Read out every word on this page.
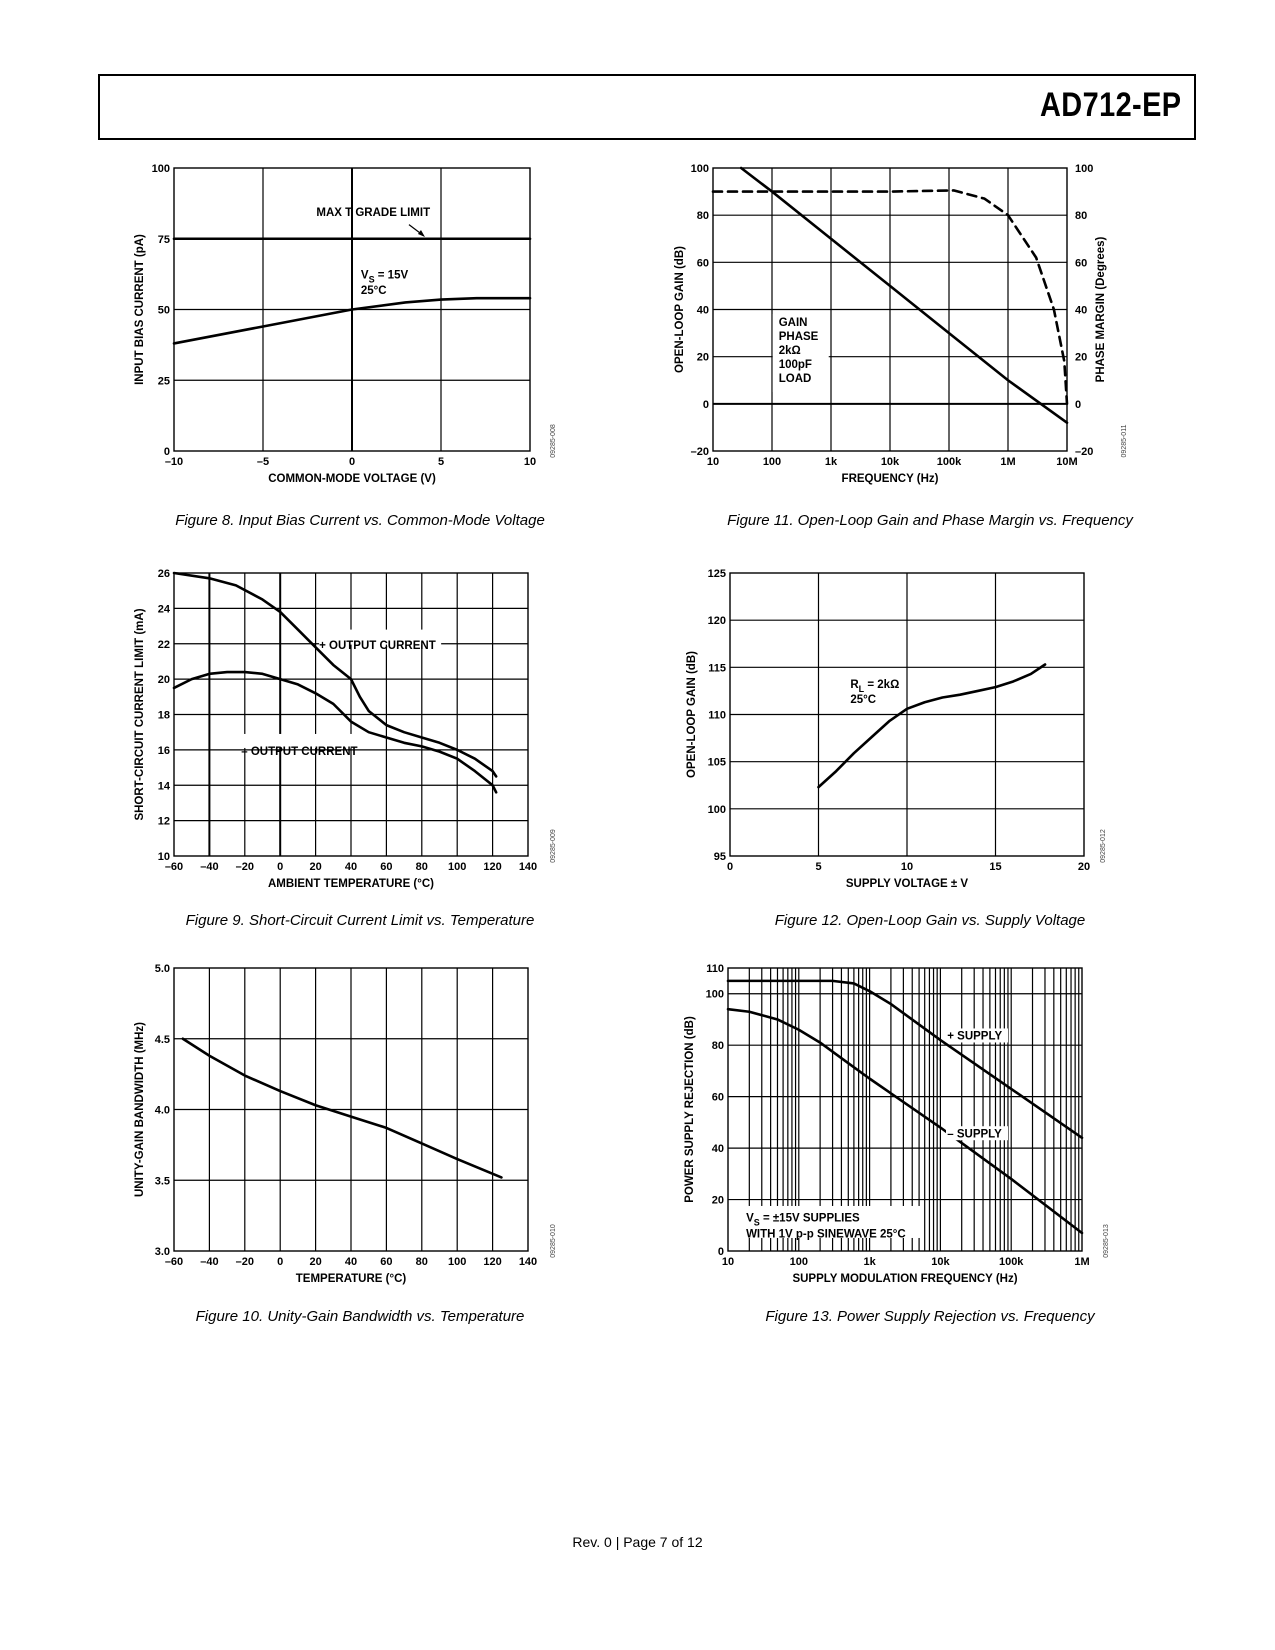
AD712-EP
–10	–5	0	5	10
0
25
50
75
100
COMMON-MODE VOLTAGE (V)
INPUT BIAS CURRENT (pA)
09285-008
MAX T GRADE LIMIT
$V_S = 15V$
25°C
Figure 8. Input Bias Current vs. Common-Mode Voltage
10	100	1k	10k	100k	1M	10M
–20
0
20
40
60
80
100
–20
0
20
40
60
80
100
FREQUENCY (Hz)
OPEN-LOOP GAIN (dB)	PHASE MARGIN (Degrees)
09285-011
GAIN
PHASE
2kΩ
100pF
LOAD
Figure 11. Open-Loop Gain and Phase Margin vs. Frequency
–60 –40 –20 0 20 40 60 80 100 120 140
10
12
14
16
18
20
22
24
26
AMBIENT TEMPERATURE (°C)
SHORT-CIRCUIT CURRENT LIMIT (mA)
09285-009
+ OUTPUT CURRENT
– OUTPUT CURRENT
Figure 9. Short-Circuit Current Limit vs. Temperature
0	5	10	15	20
95
100
105
110
115
120
125
SUPPLY VOLTAGE ± V
OPEN-LOOP GAIN (dB)
09285-012
$R_L = 2k\Omega$
25°C
Figure 12. Open-Loop Gain vs. Supply Voltage
–60 –40 –20 0 20 40 60 80 100 120 140
3.0
3.5
4.0
4.5
5.0
TEMPERATURE (°C)
UNITY-GAIN BANDWIDTH (MHz)
09285-010
Figure 10. Unity-Gain Bandwidth vs. Temperature
10	100	1k	10k	100k	1M
0
20
40
60
80
100
110
SUPPLY MODULATION FREQUENCY (Hz)
POWER SUPPLY REJECTION (dB)
09285-013
+ SUPPLY
– SUPPLY
$V_S = \pm 15V$ SUPPLIES
WITH 1V p-p SINEWAVE 25°C
Figure 13. Power Supply Rejection vs. Frequency
Rev. 0 | Page 7 of 12
